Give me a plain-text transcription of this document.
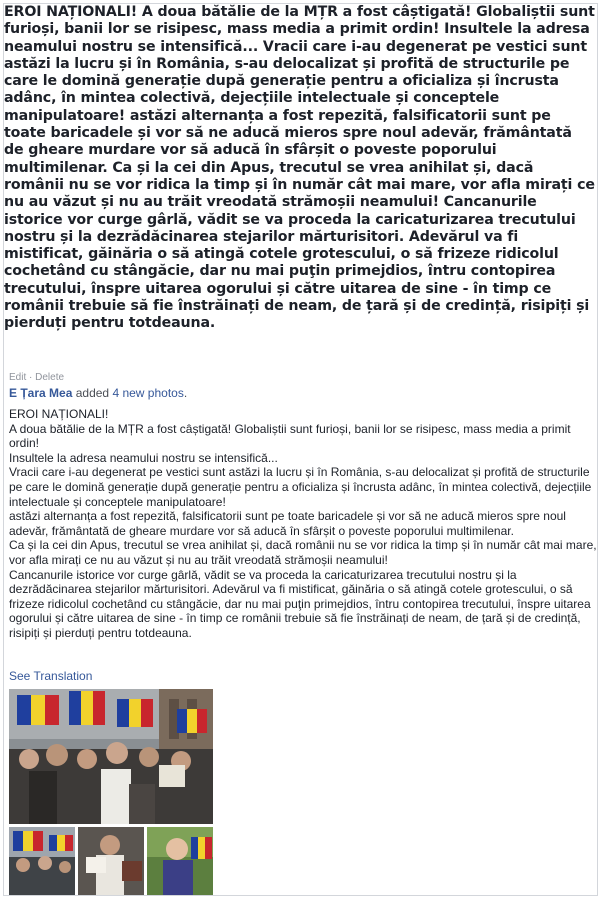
EROI NAȚIONALI! A doua bătălie de la MȚR a fost câștigată! Globaliștii sunt furioși, banii lor se risipesc, mass media a primit ordin! Insultele la adresa neamului nostru se intensifică... Vracii care i-au degenerat pe vestici sunt astăzi la lucru și în România, s-au delocalizat și profită de structurile pe care le domină generație după generație pentru a oficializa și încrusta adânc, în mintea colectivă, dejecțiile intelectuale și conceptele manipulatoare! astăzi alternanța a fost repezită, falsificatorii sunt pe toate baricadele și vor să ne aducă mieros spre noul adevăr, frământată de gheare murdare vor să aducă în sfârșit o poveste poporului multimilenar. Ca și la cei din Apus, trecutul se vrea anihilat și, dacă românii nu se vor ridica la timp și în număr cât mai mare, vor afla mirați ce nu au văzut și nu au trăit vreodată strămoșii neamului! Cancanurile istorice vor curge gârlă, vădit se va proceda la caricaturizarea trecutului nostru și la dezrădăcinarea stejarilor mărturisitori. Adevărul va fi mistificat, găinăria o să atingă cotele grotescului, o să frizeze ridicolul cochetând cu stângăcie, dar nu mai puţin primejdios, întru contopirea trecutului, înspre uitarea ogorului și către uitarea de sine - în timp ce românii trebuie să fie înstrăinați de neam, de țară și de credință, risipiți și pierduți pentru totdeauna.
Edit · Delete
E Țara Mea added 4 new photos.

EROI NAȚIONALI!

A doua bătălie de la MȚR a fost câștigată! Globaliștii sunt furioși, banii lor se risipesc, mass media a primit ordin!

Insultele la adresa neamului nostru se intensifică...

Vracii care i-au degenerat pe vestici sunt astăzi la lucru și în România, s-au delocalizat și profită de structurile pe care le domină generație după generație pentru a oficializa și încrusta adânc, în mintea colectivă, dejecțiile intelectuale și conceptele manipulatoare!

astăzi alternanța a fost repezită, falsificatorii sunt pe toate baricadele și vor să ne aducă mieros spre noul adevăr, frământată de gheare murdare vor să aducă în sfârșit o poveste poporului multimilenar.

Ca și la cei din Apus, trecutul se vrea anihilat și, dacă românii nu se vor ridica la timp și în număr cât mai mare, vor afla mirați ce nu au văzut și nu au trăit vreodată strămoșii neamului!

Cancanurile istorice vor curge gârlă, vădit se va proceda la caricaturizarea trecutului nostru și la dezrădăcinarea stejarilor mărturisitori. Adevărul va fi mistificat, găinăria o să atingă cotele grotescului, o să frizeze ridicolul cochetând cu stângăcie, dar nu mai puţin primejdios, întru contopirea trecutului, înspre uitarea ogorului și către uitarea de sine - în timp ce românii trebuie să fie înstrăinați de neam, de țară și de credință, risipiți și pierduți pentru totdeauna.

See Translation
